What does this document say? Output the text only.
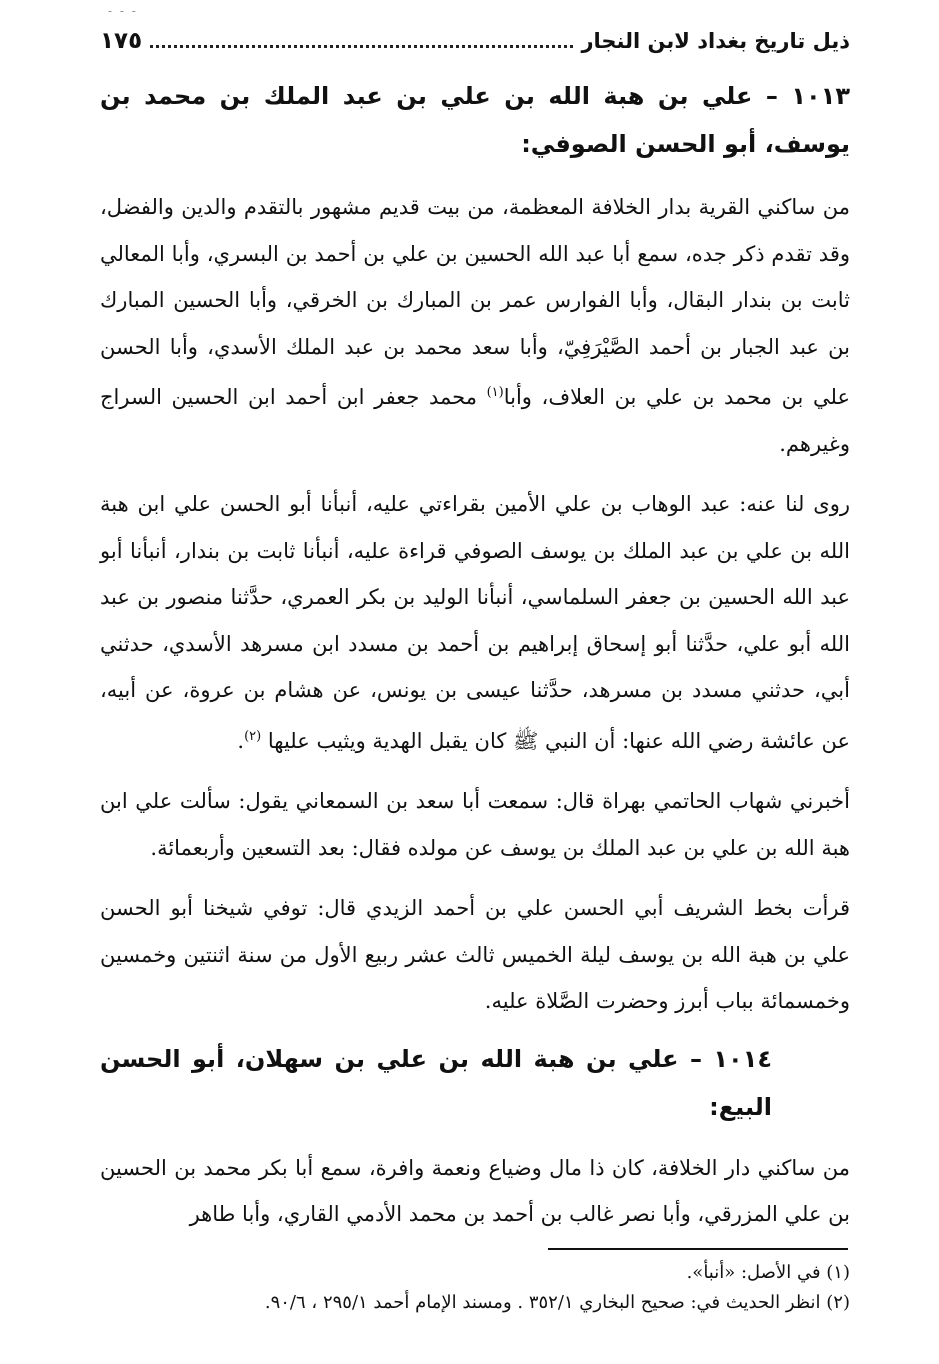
- - -
ذيل تاريخ بغداد لابن النجار
١٧٥
١٠١٣ – علي بن هبة الله بن علي بن عبد الملك بن محمد بن يوسف، أبو الحسن الصوفي:

من ساكني القرية بدار الخلافة المعظمة، من بيت قديم مشهور بالتقدم والدين والفضل، وقد تقدم ذكر جده، سمع أبا عبد الله الحسين بن علي بن أحمد بن البسري، وأبا المعالي ثابت بن بندار البقال، وأبا الفوارس عمر بن المبارك بن الخرقي، وأبا الحسين المبارك بن عبد الجبار بن أحمد الصَّيْرَفِيّ، وأبا سعد محمد بن عبد الملك الأسدي، وأبا الحسن علي بن محمد بن علي بن العلاف، وأبا$^{(١)}$ محمد جعفر ابن أحمد ابن الحسين السراج وغيرهم.

روى لنا عنه: عبد الوهاب بن علي الأمين بقراءتي عليه، أنبأنا أبو الحسن علي ابن هبة الله بن علي بن عبد الملك بن يوسف الصوفي قراءة عليه، أنبأنا ثابت بن بندار، أنبأنا أبو عبد الله الحسين بن جعفر السلماسي، أنبأنا الوليد بن بكر العمري، حدَّثنا منصور بن عبد الله أبو علي، حدَّثنا أبو إسحاق إبراهيم بن أحمد بن مسدد ابن مسرهد الأسدي، حدثني أبي، حدثني مسدد بن مسرهد، حدَّثنا عيسى بن يونس، عن هشام بن عروة، عن أبيه، عن عائشة رضي الله عنها: أن النبي ﷺ كان يقبل الهدية ويثيب عليها $^{(٢)}$.

أخبرني شهاب الحاتمي بهراة قال: سمعت أبا سعد بن السمعاني يقول: سألت علي ابن هبة الله بن علي بن عبد الملك بن يوسف عن مولده فقال: بعد التسعين وأربعمائة.

قرأت بخط الشريف أبي الحسن علي بن أحمد الزيدي قال: توفي شيخنا أبو الحسن علي بن هبة الله بن يوسف ليلة الخميس ثالث عشر ربيع الأول من سنة اثنتين وخمسين وخمسمائة بباب أبرز وحضرت الصَّلاة عليه.

١٠١٤ – علي بن هبة الله بن علي بن سهلان، أبو الحسن البيع:

من ساكني دار الخلافة، كان ذا مال وضياع ونعمة وافرة، سمع أبا بكر محمد بن الحسين بن علي المزرقي، وأبا نصر غالب بن أحمد بن محمد الأدمي القاري، وأبا طاهر

(١) في الأصل: «أنبأ».
(٢) انظر الحديث في: صحيح البخاري ٣٥٢/١ . ومسند الإمام أحمد ٢٩٥/١ ، ٩٠/٦.
